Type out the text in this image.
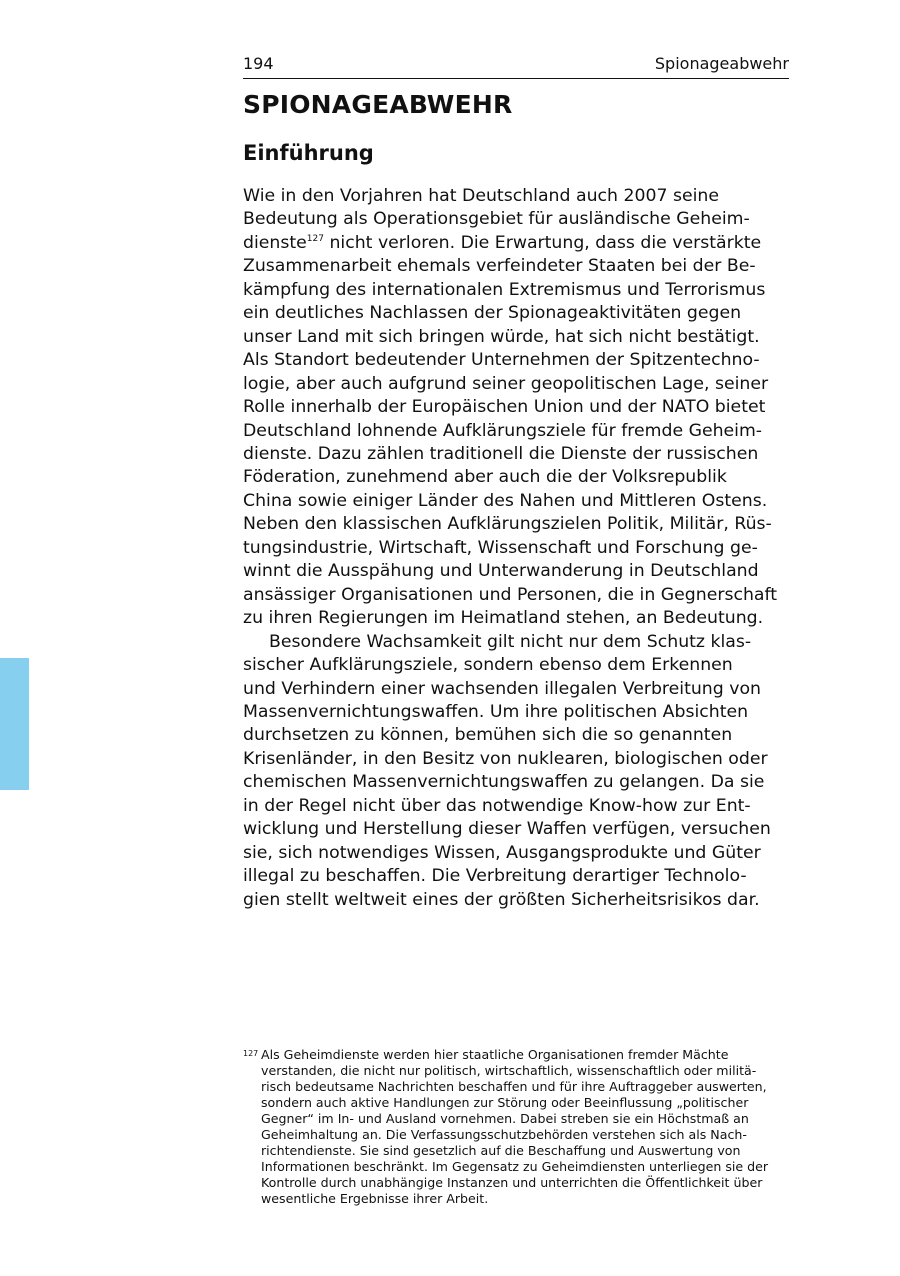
194	Spionageabwehr
SPIONAGEABWEHR
Einführung
Wie in den Vorjahren hat Deutschland auch 2007 seine
Bedeutung als Operationsgebiet für ausländische Geheim-
dienste$^{127}$ nicht verloren. Die Erwartung, dass die verstärkte
Zusammenarbeit ehemals verfeindeter Staaten bei der Be-
kämpfung des internationalen Extremismus und Terrorismus
ein deutliches Nachlassen der Spionageaktivitäten gegen
unser Land mit sich bringen würde, hat sich nicht bestätigt.
Als Standort bedeutender Unternehmen der Spitzentechno-
logie, aber auch aufgrund seiner geopolitischen Lage, seiner
Rolle innerhalb der Europäischen Union und der NATO bietet
Deutschland lohnende Aufklärungsziele für fremde Geheim-
dienste. Dazu zählen traditionell die Dienste der russischen
Föderation, zunehmend aber auch die der Volksrepublik
China sowie einiger Länder des Nahen und Mittleren Ostens.
Neben den klassischen Aufklärungszielen Politik, Militär, Rüs-
tungsindustrie, Wirtschaft, Wissenschaft und Forschung ge-
winnt die Ausspähung und Unterwanderung in Deutschland
ansässiger Organisationen und Personen, die in Gegnerschaft
zu ihren Regierungen im Heimatland stehen, an Bedeutung.
Besondere Wachsamkeit gilt nicht nur dem Schutz klas-
sischer Aufklärungsziele, sondern ebenso dem Erkennen
und Verhindern einer wachsenden illegalen Verbreitung von
Massenvernichtungswaffen. Um ihre politischen Absichten
durchsetzen zu können, bemühen sich die so genannten
Krisenländer, in den Besitz von nuklearen, biologischen oder
chemischen Massenvernichtungswaffen zu gelangen. Da sie
in der Regel nicht über das notwendige Know-how zur Ent-
wicklung und Herstellung dieser Waffen verfügen, versuchen
sie, sich notwendiges Wissen, Ausgangsprodukte und Güter
illegal zu beschaffen. Die Verbreitung derartiger Technolo-
gien stellt weltweit eines der größten Sicherheitsrisikos dar.
127 Als Geheimdienste werden hier staatliche Organisationen fremder Mächte
verstanden, die nicht nur politisch, wirtschaftlich, wissenschaftlich oder militä-
risch bedeutsame Nachrichten beschaffen und für ihre Auftraggeber auswerten,
sondern auch aktive Handlungen zur Störung oder Beeinflussung „politischer
Gegner“ im In- und Ausland vornehmen. Dabei streben sie ein Höchstmaß an
Geheimhaltung an. Die Verfassungsschutzbehörden verstehen sich als Nach-
richtendienste. Sie sind gesetzlich auf die Beschaffung und Auswertung von
Informationen beschränkt. Im Gegensatz zu Geheimdiensten unterliegen sie der
Kontrolle durch unabhängige Instanzen und unterrichten die Öffentlichkeit über
wesentliche Ergebnisse ihrer Arbeit.
